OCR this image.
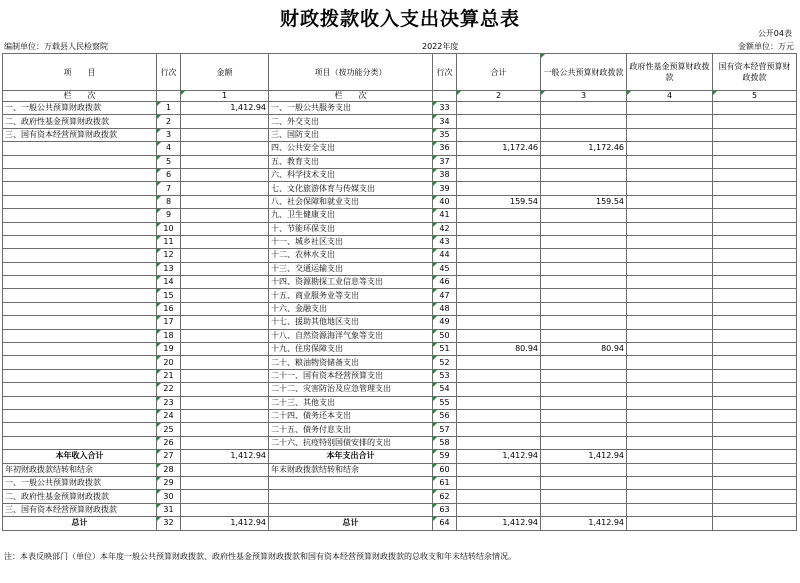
财政拨款收入支出决算总表
公开04表
编制单位：万载县人民检察院	2022年度	金额单位：万元
项　　目	行次	金额	项目（按功能分类）	行次	合计	一般公共预算财政拨款	政府性基金预算财政拨款	国有资本经营预算财政拨款
栏　　次		1	栏　　次		2	3	4	5
一、一般公共预算财政拨款	1	1,412.94	一、一般公共服务支出	33				
二、政府性基金预算财政拨款	2		二、外交支出	34				
三、国有资本经营预算财政拨款	3		三、国防支出	35				
	4		四、公共安全支出	36	1,172.46	1,172.46		
	5		五、教育支出	37				
	6		六、科学技术支出	38				
	7		七、文化旅游体育与传媒支出	39				
	8		八、社会保障和就业支出	40	159.54	159.54		
	9		九、卫生健康支出	41				
	10		十、节能环保支出	42				
	11		十一、城乡社区支出	43				
	12		十二、农林水支出	44				
	13		十三、交通运输支出	45				
	14		十四、资源勘探工业信息等支出	46				
	15		十五、商业服务业等支出	47				
	16		十六、金融支出	48				
	17		十七、援助其他地区支出	49				
	18		十八、自然资源海洋气象等支出	50				
	19		十九、住房保障支出	51	80.94	80.94		
	20		二十、粮油物资储备支出	52				
	21		二十一、国有资本经营预算支出	53				
	22		二十二、灾害防治及应急管理支出	54				
	23		二十三、其他支出	55				
	24		二十四、债务还本支出	56				
	25		二十五、债务付息支出	57				
	26		二十六、抗疫特别国债安排的支出	58				
本年收入合计	27	1,412.94	本年支出合计	59	1,412.94	1,412.94		
年初财政拨款结转和结余	28		年末财政拨款结转和结余	60				
一、一般公共预算财政拨款	29			61				
二、政府性基金预算财政拨款	30			62				
三、国有资本经营预算财政拨款	31			63				
总计	32	1,412.94	总计	64	1,412.94	1,412.94		
注：本表反映部门（单位）本年度一般公共预算财政拨款、政府性基金预算财政拨款和国有资本经营预算财政拨款的总收支和年末结转结余情况。
